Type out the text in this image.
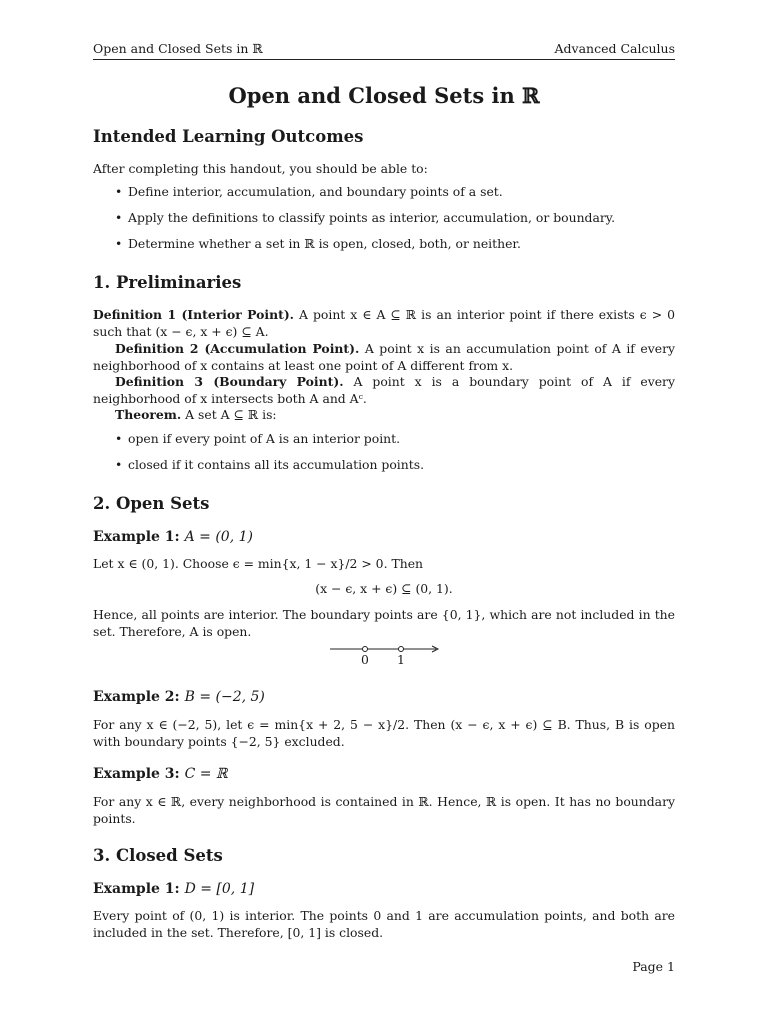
Open and Closed Sets in ℝ	Advanced Calculus
Open and Closed Sets in ℝ
Intended Learning Outcomes

After completing this handout, you should be able to:

• Define interior, accumulation, and boundary points of a set.
• Apply the definitions to classify points as interior, accumulation, or boundary.
• Determine whether a set in ℝ is open, closed, both, or neither.
1. Preliminaries

Definition 1 (Interior Point). A point x ∈ A ⊆ ℝ is an interior point if there exists ϵ > 0 such that (x − ϵ, x + ϵ) ⊆ A.

Definition 2 (Accumulation Point). A point x is an accumulation point of A if every neighborhood of x contains at least one point of A different from x.

Definition 3 (Boundary Point). A point x is a boundary point of A if every neighborhood of x intersects both A and Aᶜ.

Theorem. A set A ⊆ ℝ is:

• open if every point of A is an interior point.
• closed if it contains all its accumulation points.
2. Open Sets
Example 1: A = (0, 1)

Let x ∈ (0, 1). Choose ϵ = min{x, 1 − x}/2 > 0. Then

(x − ϵ, x + ϵ) ⊆ (0, 1).

Hence, all points are interior. The boundary points are {0, 1}, which are not included in the set. Therefore, A is open.

0 1
Example 2: B = (−2, 5)

For any x ∈ (−2, 5), let ϵ = min{x + 2, 5 − x}/2. Then (x − ϵ, x + ϵ) ⊆ B. Thus, B is open with boundary points {−2, 5} excluded.

Example 3: C = ℝ

For any x ∈ ℝ, every neighborhood is contained in ℝ. Hence, ℝ is open. It has no boundary points.

3. Closed Sets
Example 1: D = [0, 1]

Every point of (0, 1) is interior. The points 0 and 1 are accumulation points, and both are included in the set. Therefore, [0, 1] is closed.

Page 1
